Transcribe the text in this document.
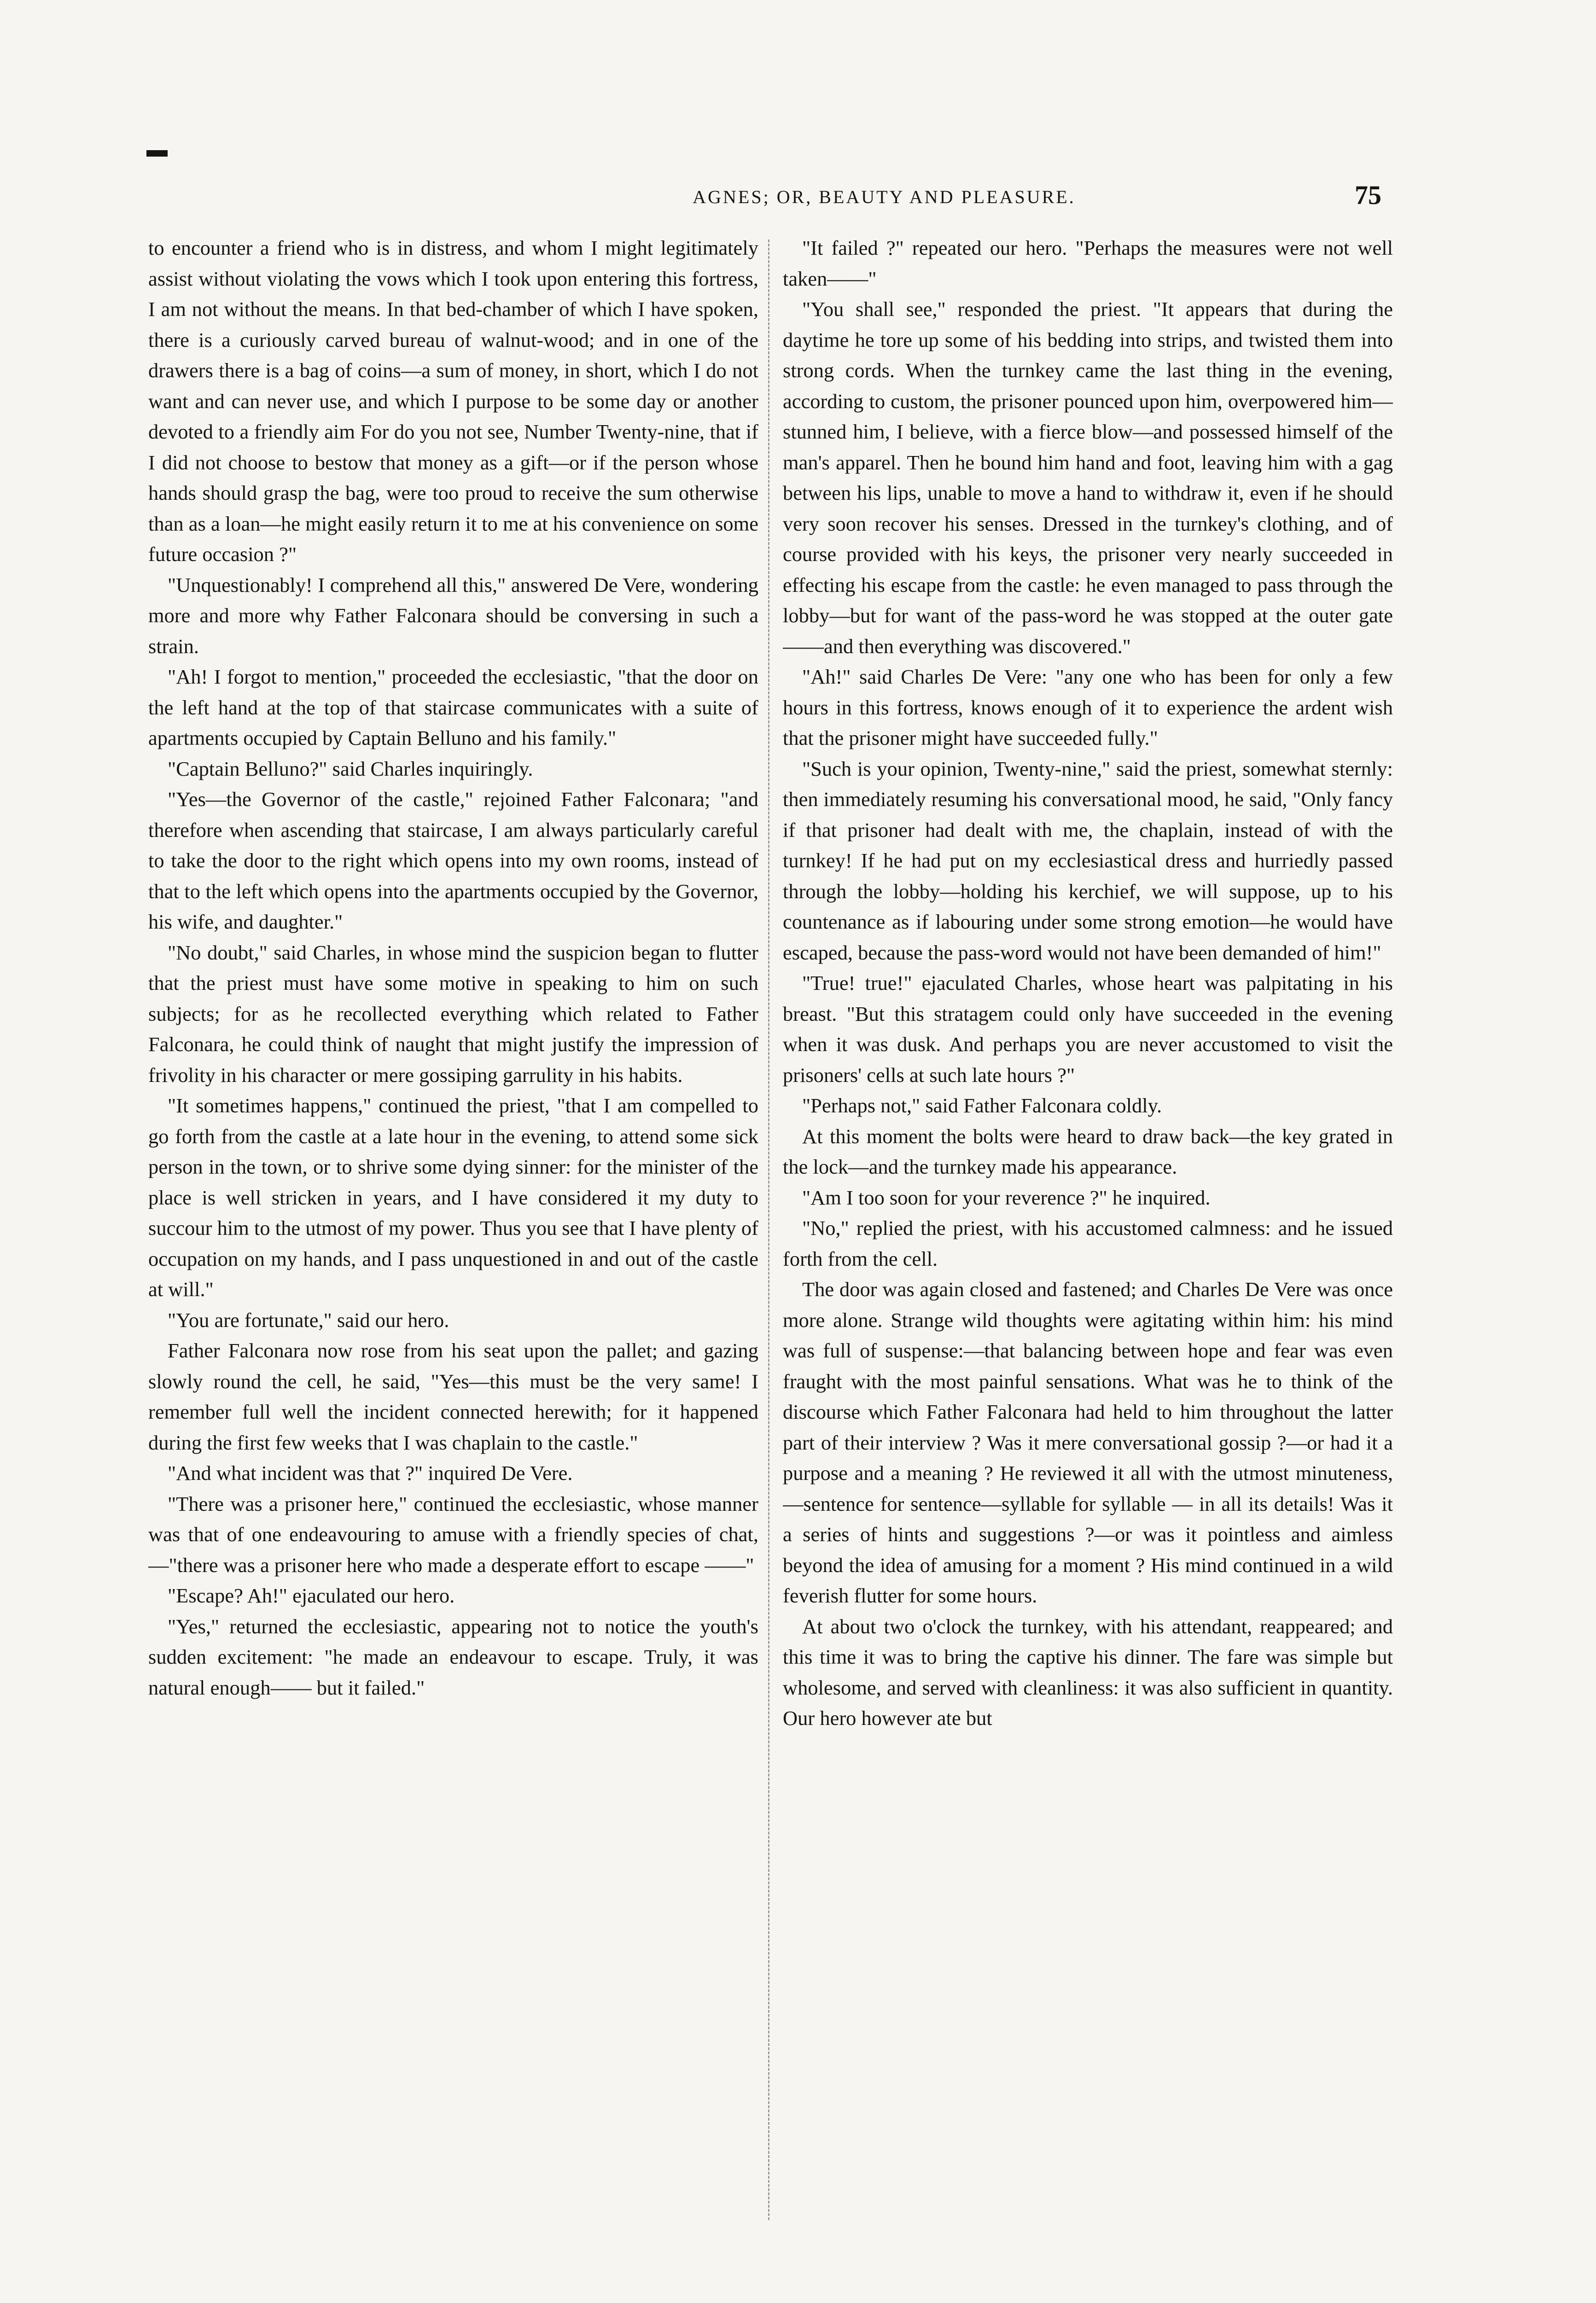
AGNES; OR, BEAUTY AND PLEASURE.	75

to encounter a friend who is in distress, and whom I might legitimately assist without violating the vows which I took upon entering this fortress, I am not without the means. In that bed-chamber of which I have spoken, there is a curiously carved bureau of walnut-wood; and in one of the drawers there is a bag of coins—a sum of money, in short, which I do not want and can never use, and which I purpose to be some day or another devoted to a friendly aim For do you not see, Number Twenty-nine, that if I did not choose to bestow that money as a gift—or if the person whose hands should grasp the bag, were too proud to receive the sum otherwise than as a loan—he might easily return it to me at his convenience on some future occasion ?"

"Unquestionably! I comprehend all this," answered De Vere, wondering more and more why Father Falconara should be conversing in such a strain.

"Ah! I forgot to mention," proceeded the ecclesiastic, "that the door on the left hand at the top of that staircase communicates with a suite of apartments occupied by Captain Belluno and his family."

"Captain Belluno?" said Charles inquiringly.

"Yes—the Governor of the castle," rejoined Father Falconara; "and therefore when ascending that staircase, I am always particularly careful to take the door to the right which opens into my own rooms, instead of that to the left which opens into the apartments occupied by the Governor, his wife, and daughter."

"No doubt," said Charles, in whose mind the suspicion began to flutter that the priest must have some motive in speaking to him on such subjects; for as he recollected everything which related to Father Falconara, he could think of naught that might justify the impression of frivolity in his character or mere gossiping garrulity in his habits.

"It sometimes happens," continued the priest, "that I am compelled to go forth from the castle at a late hour in the evening, to attend some sick person in the town, or to shrive some dying sinner: for the minister of the place is well stricken in years, and I have considered it my duty to succour him to the utmost of my power. Thus you see that I have plenty of occupation on my hands, and I pass unquestioned in and out of the castle at will."

"You are fortunate," said our hero.

Father Falconara now rose from his seat upon the pallet; and gazing slowly round the cell, he said, "Yes—this must be the very same! I remember full well the incident connected herewith; for it happened during the first few weeks that I was chaplain to the castle."

"And what incident was that ?" inquired De Vere.

"There was a prisoner here," continued the ecclesiastic, whose manner was that of one endeavouring to amuse with a friendly species of chat,—"there was a prisoner here who made a desperate effort to escape ——"

"Escape? Ah!" ejaculated our hero.

"Yes," returned the ecclesiastic, appearing not to notice the youth's sudden excitement: "he made an endeavour to escape. Truly, it was natural enough—— but it failed."

"It failed ?" repeated our hero. "Perhaps the measures were not well taken——"

"You shall see," responded the priest. "It appears that during the daytime he tore up some of his bedding into strips, and twisted them into strong cords. When the turnkey came the last thing in the evening, according to custom, the prisoner pounced upon him, overpowered him—stunned him, I believe, with a fierce blow—and possessed himself of the man's apparel. Then he bound him hand and foot, leaving him with a gag between his lips, unable to move a hand to withdraw it, even if he should very soon recover his senses. Dressed in the turnkey's clothing, and of course provided with his keys, the prisoner very nearly succeeded in effecting his escape from the castle: he even managed to pass through the lobby—but for want of the pass-word he was stopped at the outer gate——and then everything was discovered."

"Ah!" said Charles De Vere: "any one who has been for only a few hours in this fortress, knows enough of it to experience the ardent wish that the prisoner might have succeeded fully."

"Such is your opinion, Twenty-nine," said the priest, somewhat sternly: then immediately resuming his conversational mood, he said, "Only fancy if that prisoner had dealt with me, the chaplain, instead of with the turnkey! If he had put on my ecclesiastical dress and hurriedly passed through the lobby—holding his kerchief, we will suppose, up to his countenance as if labouring under some strong emotion—he would have escaped, because the pass-word would not have been demanded of him!"

"True! true!" ejaculated Charles, whose heart was palpitating in his breast. "But this stratagem could only have succeeded in the evening when it was dusk. And perhaps you are never accustomed to visit the prisoners' cells at such late hours ?"

"Perhaps not," said Father Falconara coldly.

At this moment the bolts were heard to draw back—the key grated in the lock—and the turnkey made his appearance.

"Am I too soon for your reverence ?" he inquired.

"No," replied the priest, with his accustomed calmness: and he issued forth from the cell.

The door was again closed and fastened; and Charles De Vere was once more alone. Strange wild thoughts were agitating within him: his mind was full of suspense:—that balancing between hope and fear was even fraught with the most painful sensations. What was he to think of the discourse which Father Falconara had held to him throughout the latter part of their interview ? Was it mere conversational gossip ?—or had it a purpose and a meaning ? He reviewed it all with the utmost minuteness,—sentence for sentence—syllable for syllable — in all its details! Was it a series of hints and suggestions ?—or was it pointless and aimless beyond the idea of amusing for a moment ? His mind continued in a wild feverish flutter for some hours.

At about two o'clock the turnkey, with his attendant, reappeared; and this time it was to bring the captive his dinner. The fare was simple but wholesome, and served with cleanliness: it was also sufficient in quantity. Our hero however ate but
